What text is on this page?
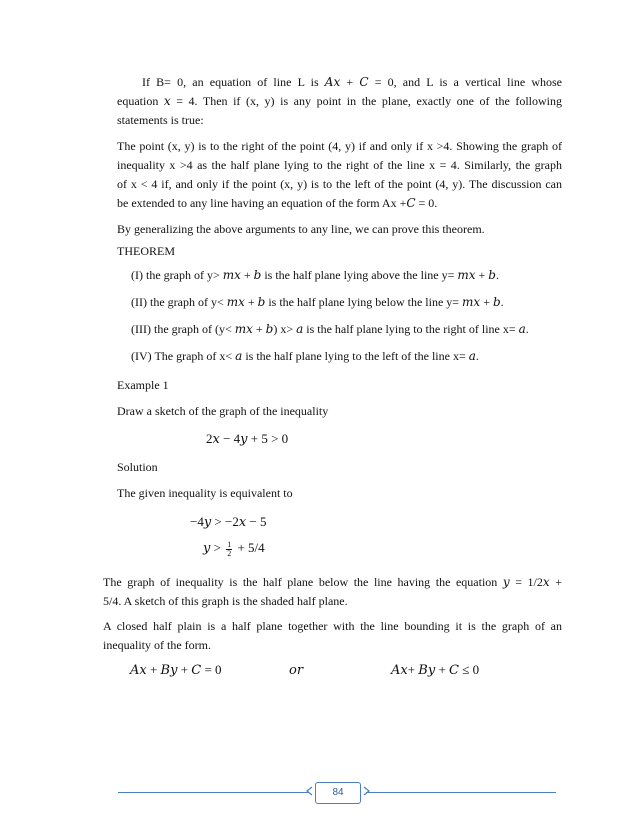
If B= 0, an equation of line L is 𝐴𝑥 + 𝐶 = 0, and L is a vertical line whose
equation 𝑥 = 4. Then if (x, y) is any point in the plane, exactly one of the following
statements is true:
The point (x, y) is to the right of the point (4, y) if and only if x >4. Showing the graph of
inequality x >4 as the half plane lying to the right of the line x = 4. Similarly, the graph
of x < 4 if, and only if the point (x, y) is to the left of the point (4, y). The discussion can
be extended to any line having an equation of the form Ax +𝐶 = 0.
By generalizing the above arguments to any line, we can prove this theorem.
THEOREM
(I) the graph of y> 𝑚𝑥 + 𝑏 is the half plane lying above the line y= 𝑚𝑥 + 𝑏.
(II) the graph of y< 𝑚𝑥 + 𝑏 is the half plane lying below the line y= 𝑚𝑥 + 𝑏.
(III) the graph of (y< 𝑚𝑥 + 𝑏) x> 𝑎 is the half plane lying to the right of line x= 𝑎.
(IV) The graph of x< 𝑎 is the half plane lying to the left of the line x= 𝑎.
Example 1
Draw a sketch of the graph of the inequality
2𝑥 − 4𝑦 + 5 > 0
Solution
The given inequality is equivalent to
−4𝑦 > −2𝑥 − 5
𝑦 > $\frac{1}{2} + 5/4$
The graph of inequality is the half plane below the line having the equation 𝑦 = 1/2𝑥 +
5/4. A sketch of this graph is the shaded half plane.
A closed half plain is a half plane together with the line bounding it is the graph of an
inequality of the form.
𝐴𝑥 + 𝐵𝑦 + 𝐶 = 0	𝑜𝑟	𝐴𝑥+ 𝐵𝑦 + 𝐶 ≤ 0
84
